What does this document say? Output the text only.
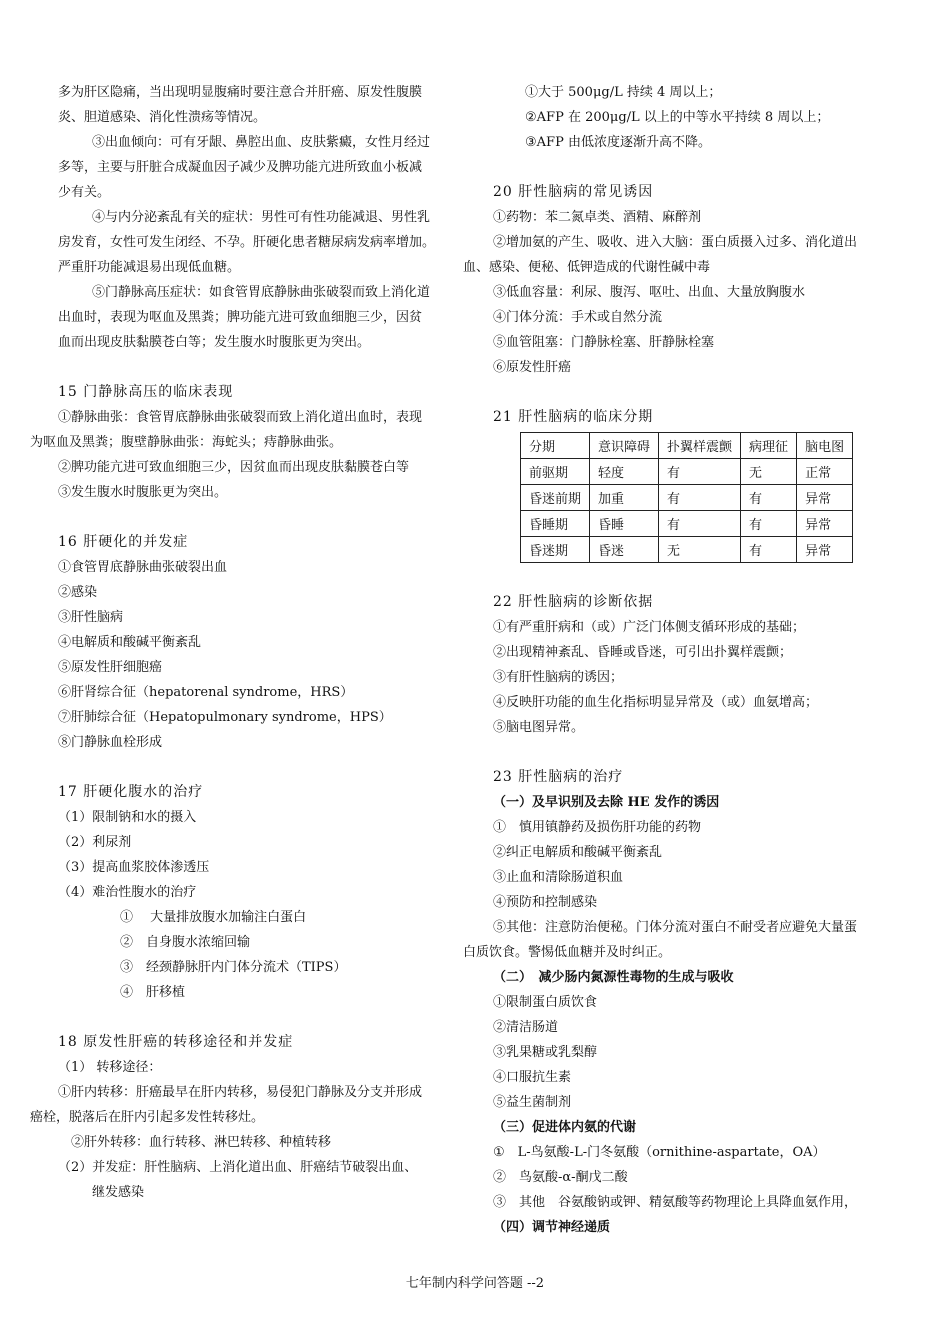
多为肝区隐痛，当出现明显腹痛时要注意合并肝癌、原发性腹膜
炎、胆道感染、消化性溃疡等情况。
③出血倾向：可有牙龈、鼻腔出血、皮肤紫癜，女性月经过
多等，主要与肝脏合成凝血因子减少及脾功能亢进所致血小板减
少有关。
④与内分泌紊乱有关的症状：男性可有性功能减退、男性乳
房发育，女性可发生闭经、不孕。肝硬化患者糖尿病发病率增加。
严重肝功能减退易出现低血糖。
⑤门静脉高压症状：如食管胃底静脉曲张破裂而致上消化道
出血时，表现为呕血及黑粪；脾功能亢进可致血细胞三少，因贫
血而出现皮肤黏膜苍白等；发生腹水时腹胀更为突出。
15 门静脉高压的临床表现
①静脉曲张：食管胃底静脉曲张破裂而致上消化道出血时，表现
为呕血及黑粪；腹壁静脉曲张：海蛇头；痔静脉曲张。
②脾功能亢进可致血细胞三少，因贫血而出现皮肤黏膜苍白等
③发生腹水时腹胀更为突出。
16 肝硬化的并发症
①食管胃底静脉曲张破裂出血
②感染
③肝性脑病
④电解质和酸碱平衡紊乱
⑤原发性肝细胞癌
⑥肝肾综合征（hepatorenal syndrome，HRS）
⑦肝肺综合征（Hepatopulmonary syndrome，HPS）
⑧门静脉血栓形成
17 肝硬化腹水的治疗
（1）限制钠和水的摄入
（2）利尿剂
（3）提高血浆胶体渗透压
（4）难治性腹水的治疗
①　 大量排放腹水加输注白蛋白
②　自身腹水浓缩回输
③　经颈静脉肝内门体分流术（TIPS）
④　肝移植
18 原发性肝癌的转移途径和并发症
（1） 转移途径：
①肝内转移：肝癌最早在肝内转移，易侵犯门静脉及分支并形成
癌栓，脱落后在肝内引起多发性转移灶。
　②肝外转移：血行转移、淋巴转移、种植转移
（2）并发症：肝性脑病、上消化道出血、肝癌结节破裂出血、
继发感染
①大于 500μg/L 持续 4 周以上；
②AFP 在 200μg/L 以上的中等水平持续 8 周以上；
③AFP 由低浓度逐渐升高不降。
20 肝性脑病的常见诱因
①药物：苯二氮卓类、酒精、麻醉剂
②增加氨的产生、吸收、进入大脑：蛋白质摄入过多、消化道出
血、感染、便秘、低钾造成的代谢性碱中毒
③低血容量：利尿、腹泻、呕吐、出血、大量放胸腹水
④门体分流：手术或自然分流
⑤血管阻塞：门静脉栓塞、肝静脉栓塞
⑥原发性肝癌
21 肝性脑病的临床分期
分期	意识障碍	扑翼样震颤	病理征	脑电图
前驱期	轻度	有	无	正常
昏迷前期	加重	有	有	异常
昏睡期	昏睡	有	有	异常
昏迷期	昏迷	无	有	异常
22 肝性脑病的诊断依据
①有严重肝病和（或）广泛门体侧支循环形成的基础；
②出现精神紊乱、昏睡或昏迷，可引出扑翼样震颤；
③有肝性脑病的诱因；
④反映肝功能的血生化指标明显异常及（或）血氨增高；
⑤脑电图异常。
23 肝性脑病的治疗
（一）及早识别及去除 HE 发作的诱因
①　慎用镇静药及损伤肝功能的药物
②纠正电解质和酸碱平衡紊乱
③止血和清除肠道积血
④预防和控制感染
⑤其他：注意防治便秘。门体分流对蛋白不耐受者应避免大量蛋
白质饮食。警惕低血糖并及时纠正。
（二）　减少肠内氮源性毒物的生成与吸收
①限制蛋白质饮食
②清洁肠道
③乳果糖或乳梨醇
④口服抗生素
⑤益生菌制剂
（三）促进体内氨的代谢
①　L-鸟氨酸-L-门冬氨酸（ornithine-aspartate，OA）
②　鸟氨酸-α-酮戊二酸
③　其他　谷氨酸钠或钾、精氨酸等药物理论上具降血氨作用，
（四）调节神经递质
七年制内科学问答题 --2
